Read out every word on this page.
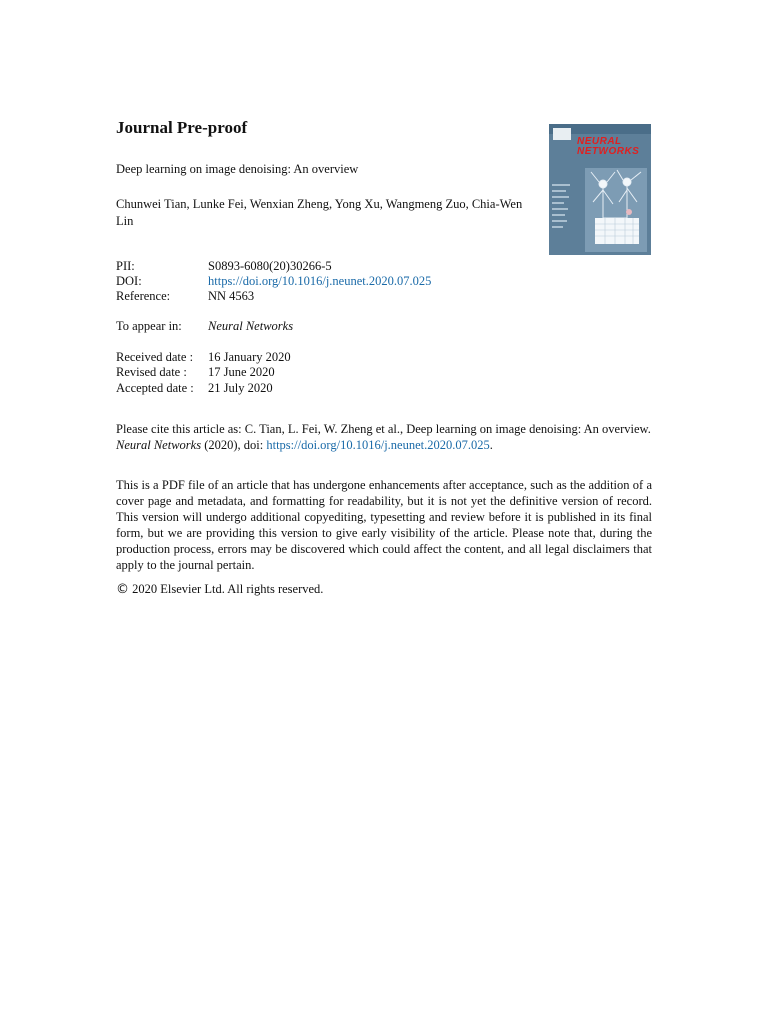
Journal Pre-proof

Deep learning on image denoising: An overview

Chunwei Tian, Lunke Fei, Wenxian Zheng, Yong Xu, Wangmeng Zuo, Chia-Wen Lin

PII:	S0893-6080(20)30266-5
DOI:	https://doi.org/10.1016/j.neunet.2020.07.025
Reference:	NN 4563
To appear in: Neural Networks
Received date : 16 January 2020
Revised date : 17 June 2020
Accepted date : 21 July 2020

Please cite this article as: C. Tian, L. Fei, W. Zheng et al., Deep learning on image denoising: An overview. Neural Networks (2020), doi: https://doi.org/10.1016/j.neunet.2020.07.025.

This is a PDF file of an article that has undergone enhancements after acceptance, such as the addition of a cover page and metadata, and formatting for readability, but it is not yet the definitive version of record. This version will undergo additional copyediting, typesetting and review before it is published in its final form, but we are providing this version to give early visibility of the article. Please note that, during the production process, errors may be discovered which could affect the content, and all legal disclaimers that apply to the journal pertain.

© 2020 Elsevier Ltd. All rights reserved.
NEURAL
NETWORKS
